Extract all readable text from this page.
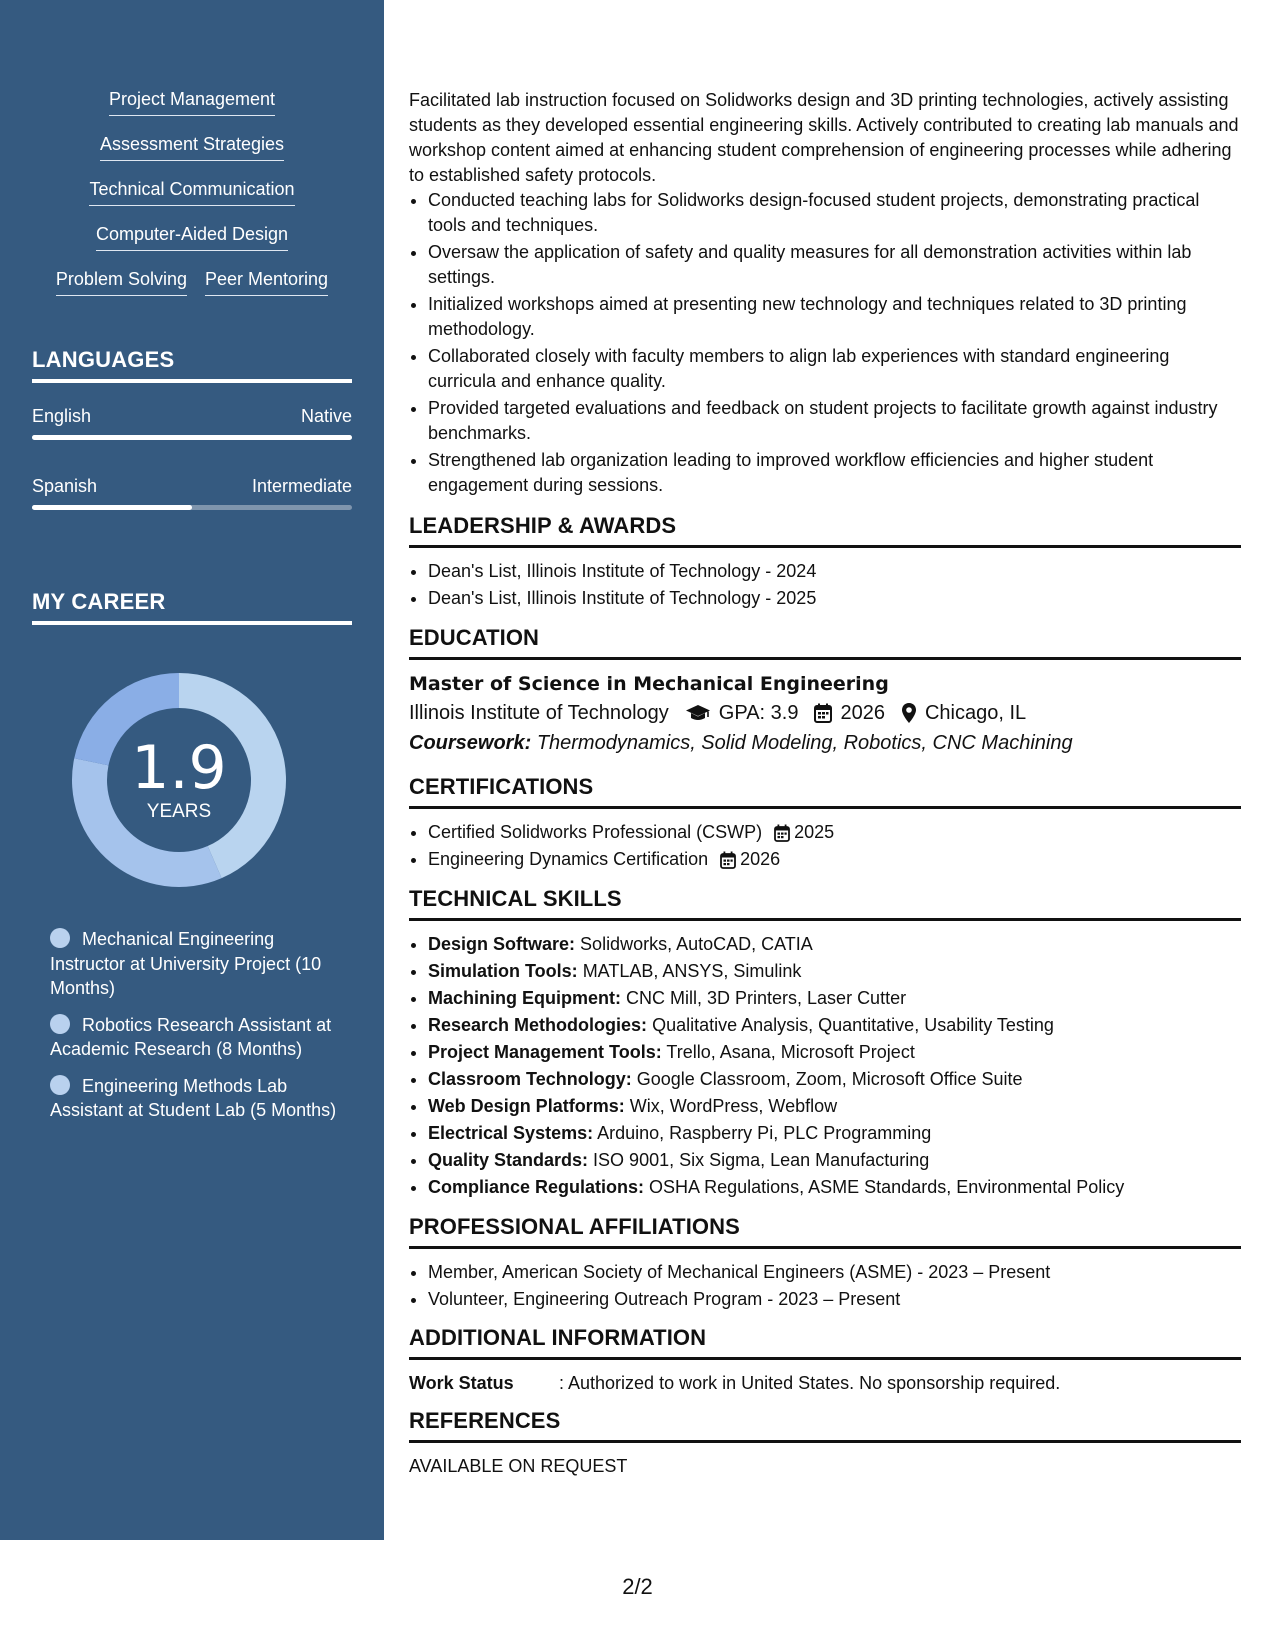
Project Management
Assessment Strategies
Technical Communication
Computer-Aided Design
Problem Solving Peer Mentoring
LANGUAGES
English	Native
Spanish	Intermediate
MY CAREER
1.9
YEARS
Mechanical Engineering Instructor at University Project (10 Months)
Robotics Research Assistant at Academic Research (8 Months)
Engineering Methods Lab Assistant at Student Lab (5 Months)

Facilitated lab instruction focused on Solidworks design and 3D printing technologies, actively assisting students as they developed essential engineering skills. Actively contributed to creating lab manuals and workshop content aimed at enhancing student comprehension of engineering processes while adhering to established safety protocols.

• Conducted teaching labs for Solidworks design-focused student projects, demonstrating practical tools and techniques.
• Oversaw the application of safety and quality measures for all demonstration activities within lab settings.
• Initialized workshops aimed at presenting new technology and techniques related to 3D printing methodology.
• Collaborated closely with faculty members to align lab experiences with standard engineering curricula and enhance quality.
• Provided targeted evaluations and feedback on student projects to facilitate growth against industry benchmarks.
• Strengthened lab organization leading to improved workflow efficiencies and higher student engagement during sessions.
LEADERSHIP & AWARDS
• Dean's List, Illinois Institute of Technology - 2024
• Dean's List, Illinois Institute of Technology - 2025
EDUCATION
Master of Science in Mechanical Engineering
Illinois Institute of Technology	GPA: 3.9 2026 Chicago, IL
Coursework: Thermodynamics, Solid Modeling, Robotics, CNC Machining
CERTIFICATIONS
• Certified Solidworks Professional (CSWP) 2025
• Engineering Dynamics Certification 2026
TECHNICAL SKILLS
• Design Software: Solidworks, AutoCAD, CATIA
• Simulation Tools: MATLAB, ANSYS, Simulink
• Machining Equipment: CNC Mill, 3D Printers, Laser Cutter
• Research Methodologies: Qualitative Analysis, Quantitative, Usability Testing
• Project Management Tools: Trello, Asana, Microsoft Project
• Classroom Technology: Google Classroom, Zoom, Microsoft Office Suite
• Web Design Platforms: Wix, WordPress, Webflow
• Electrical Systems: Arduino, Raspberry Pi, PLC Programming
• Quality Standards: ISO 9001, Six Sigma, Lean Manufacturing
• Compliance Regulations: OSHA Regulations, ASME Standards, Environmental Policy
PROFESSIONAL AFFILIATIONS
• Member, American Society of Mechanical Engineers (ASME) - 2023 – Present
• Volunteer, Engineering Outreach Program - 2023 – Present
ADDITIONAL INFORMATION
Work Status	: Authorized to work in United States. No sponsorship required.
REFERENCES
AVAILABLE ON REQUEST
2/2
